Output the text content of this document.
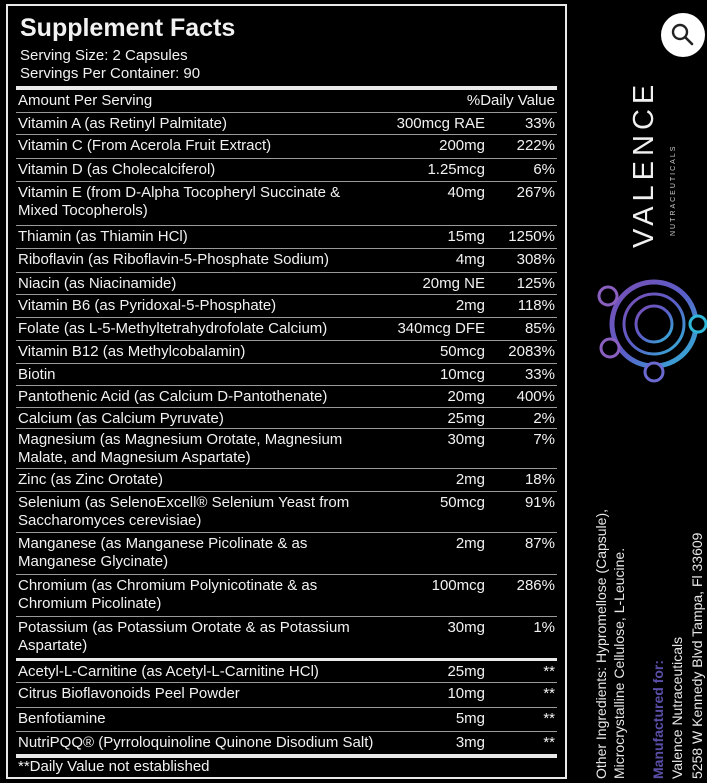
Supplement Facts
Serving Size: 2 Capsules
Servings Per Container: 90
Amount Per Serving	%Daily Value
Vitamin A (as Retinyl Palmitate)	300mcg RAE	33%
Vitamin C (From Acerola Fruit Extract)	200mg 222%
Vitamin D (as Cholecalciferol)	1.25mcg	6%
Vitamin E (from D-Alpha Tocopheryl Succinate & Mixed Tocopherols)
40mg 267%
Thiamin (as Thiamin HCl)	15mg 1250%
Riboflavin (as Riboflavin-5-Phosphate Sodium)	4mg 308%
Niacin (as Niacinamide)	20mg NE 125%
Vitamin B6 (as Pyridoxal-5-Phosphate)	2mg 118%
Folate (as L-5-Methyltetrahydrofolate Calcium)	340mcg DFE	85%
Vitamin B12 (as Methylcobalamin)	50mcg 2083%
Biotin	10mcg	33%
Pantothenic Acid (as Calcium D-Pantothenate)	20mg 400%
Calcium (as Calcium Pyruvate)	25mg	2%
Magnesium (as Magnesium Orotate, Magnesium Malate, and Magnesium Aspartate)
30mg	7%
Zinc (as Zinc Orotate)	2mg	18%
Selenium (as SelenoExcell® Selenium Yeast from Saccharomyces cerevisiae)
50mcg	91%
Manganese (as Manganese Picolinate & as Manganese Glycinate)
2mg	87%
Chromium (as Chromium Polynicotinate & as Chromium Picolinate)
100mcg 286%
Potassium (as Potassium Orotate & as Potassium Aspartate)
30mg	1%
Acetyl-L-Carnitine (as Acetyl-L-Carnitine HCl)	25mg	**
Citrus Bioflavonoids Peel Powder	10mg	**
Benfotiamine	5mg	**
NutriPQQ® (Pyrroloquinoline Quinone Disodium Salt)	3mg	**
**Daily Value not established
VALENCE	NUTRACEUTICALS
Other Ingredients: Hypromellose (Capsule), Microcrystalline Cellulose, L-Leucine. Manufactured for: Valence Nutraceuticals 5258 W Kennedy Blvd Tampa, Fl 33609
